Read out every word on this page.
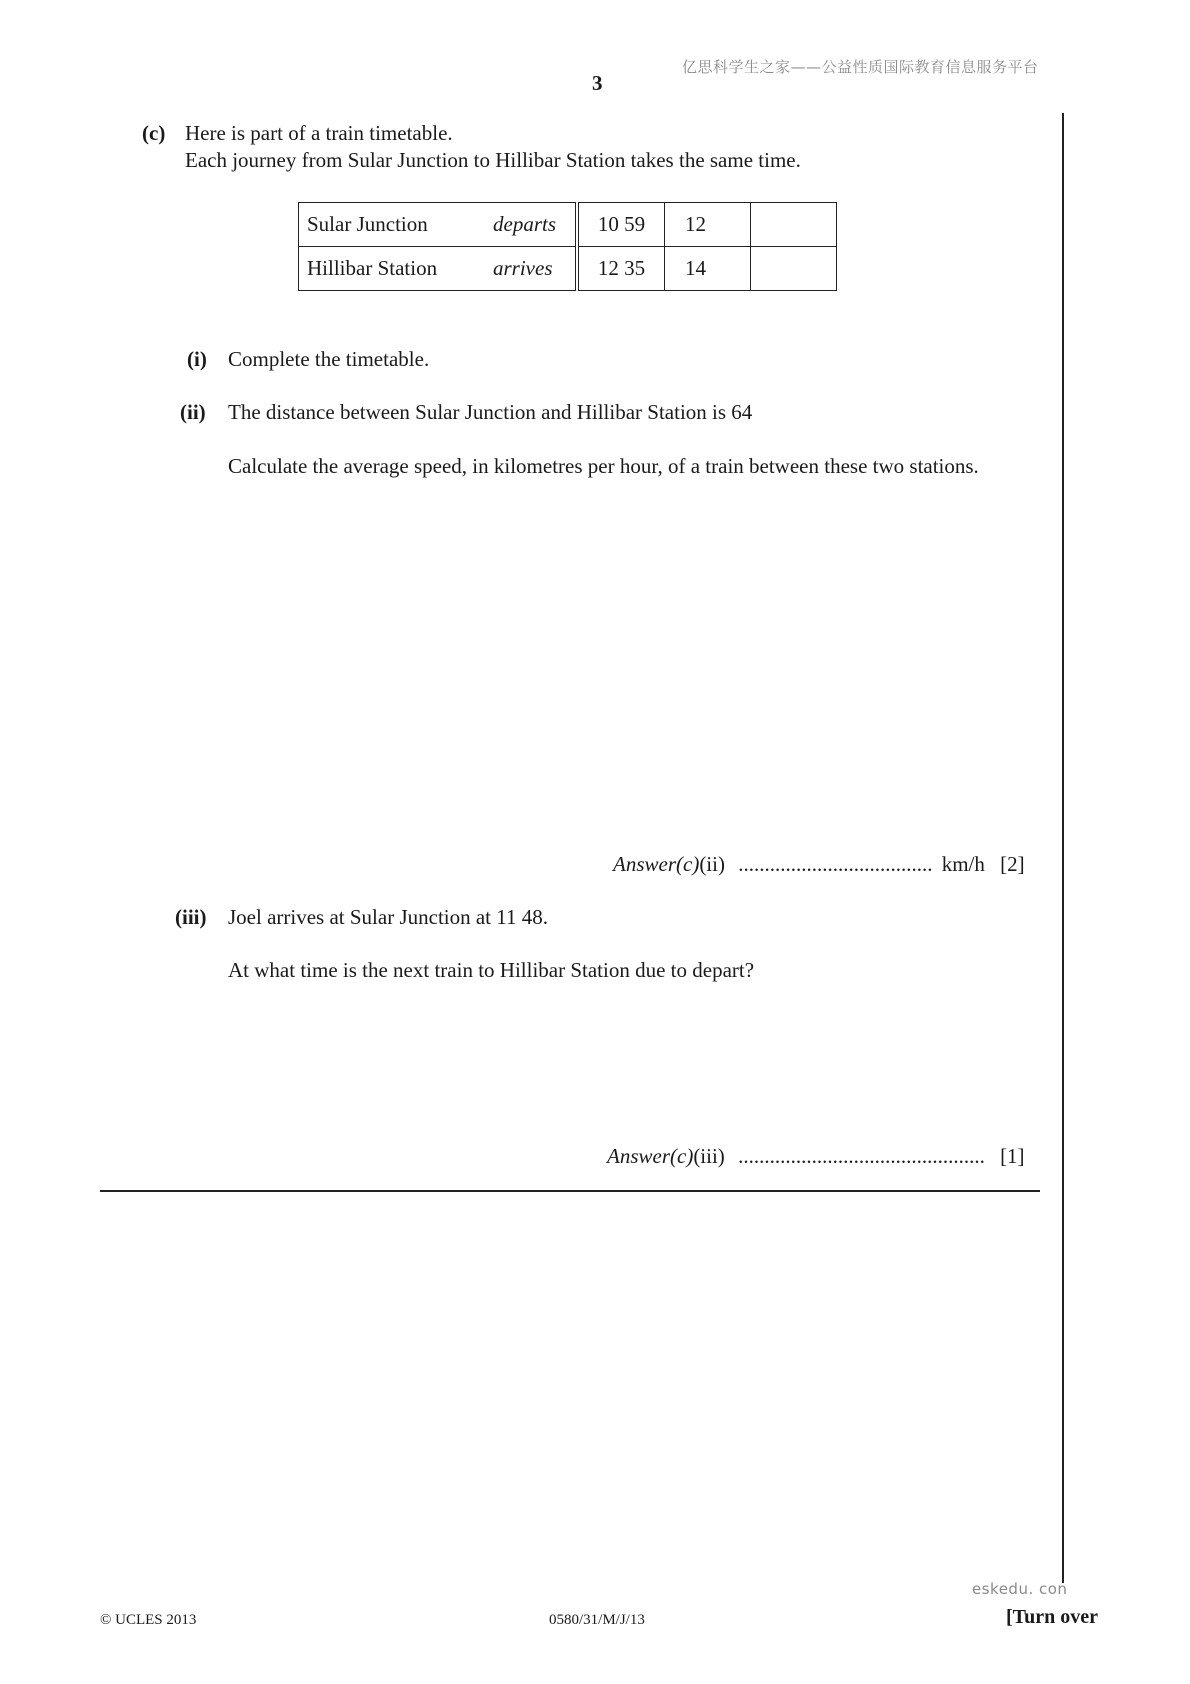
亿思科学生之家——公益性质国际教育信息服务平台
3
(c) Here is part of a train timetable.
Each journey from Sular Junction to Hillibar Station takes the same time.
Sular Junction departs	10 59	12	
Hillibar Station arrives	12 35	14	
(i) Complete the timetable.
(ii) The distance between Sular Junction and Hillibar Station is 64
Calculate the average speed, in kilometres per hour, of a train between these two stations.
Answer(c)(ii) ..................................... km/h [2]
(iii) Joel arrives at Sular Junction at 11 48.
At what time is the next train to Hillibar Station due to depart?
Answer(c)(iii) ............................................... [1]
eskedu. con
© UCLES 2013	0580/31/M/J/13	[Turn over
